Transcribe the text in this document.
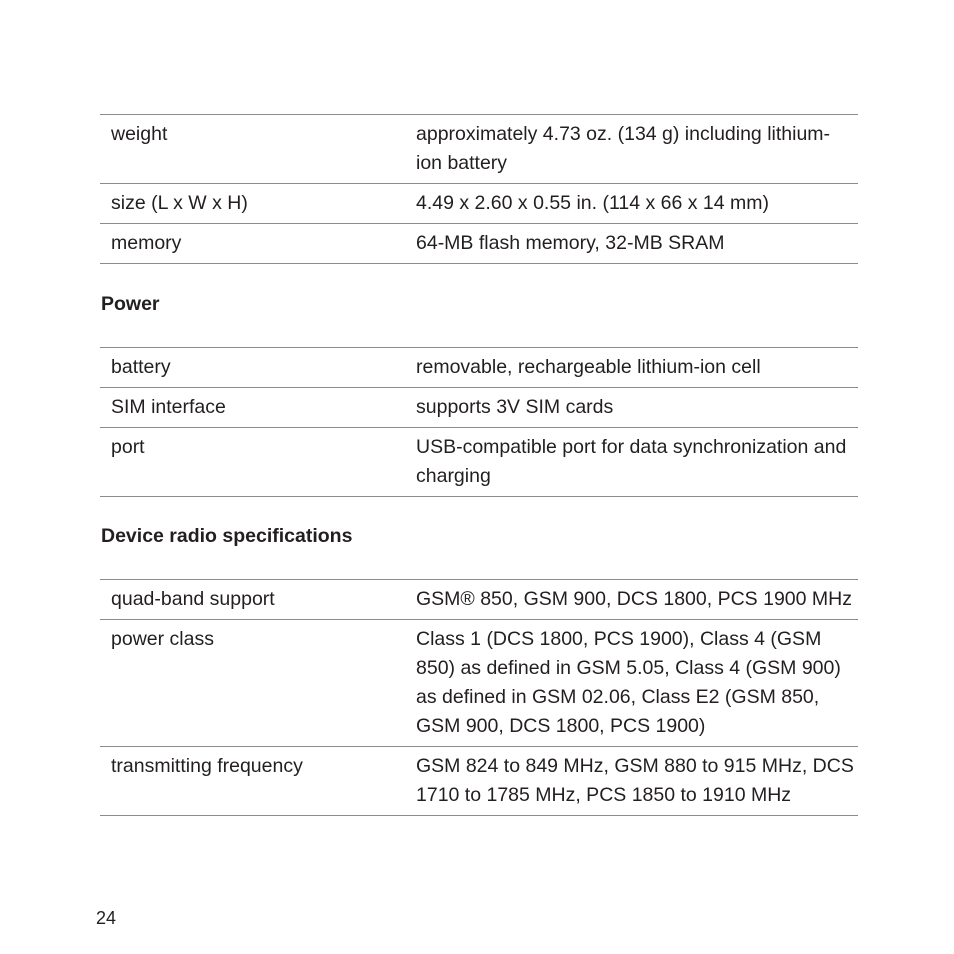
weight	approximately 4.73 oz. (134 g) including lithium-ion battery
size (L x W x H)	4.49 x 2.60 x 0.55 in. (114 x 66 x 14 mm)
memory	64-MB flash memory, 32-MB SRAM
Power
battery	removable, rechargeable lithium-ion cell
SIM interface	supports 3V SIM cards
port	USB-compatible port for data synchronization and charging
Device radio specifications
quad-band support	GSM® 850, GSM 900, DCS 1800, PCS 1900 MHz
power class	Class 1 (DCS 1800, PCS 1900), Class 4 (GSM 850) as defined in GSM 5.05, Class 4 (GSM 900) as defined in GSM 02.06, Class E2 (GSM 850, GSM 900, DCS 1800, PCS 1900)
transmitting frequency	GSM 824 to 849 MHz, GSM 880 to 915 MHz, DCS 1710 to 1785 MHz, PCS 1850 to 1910 MHz
24
